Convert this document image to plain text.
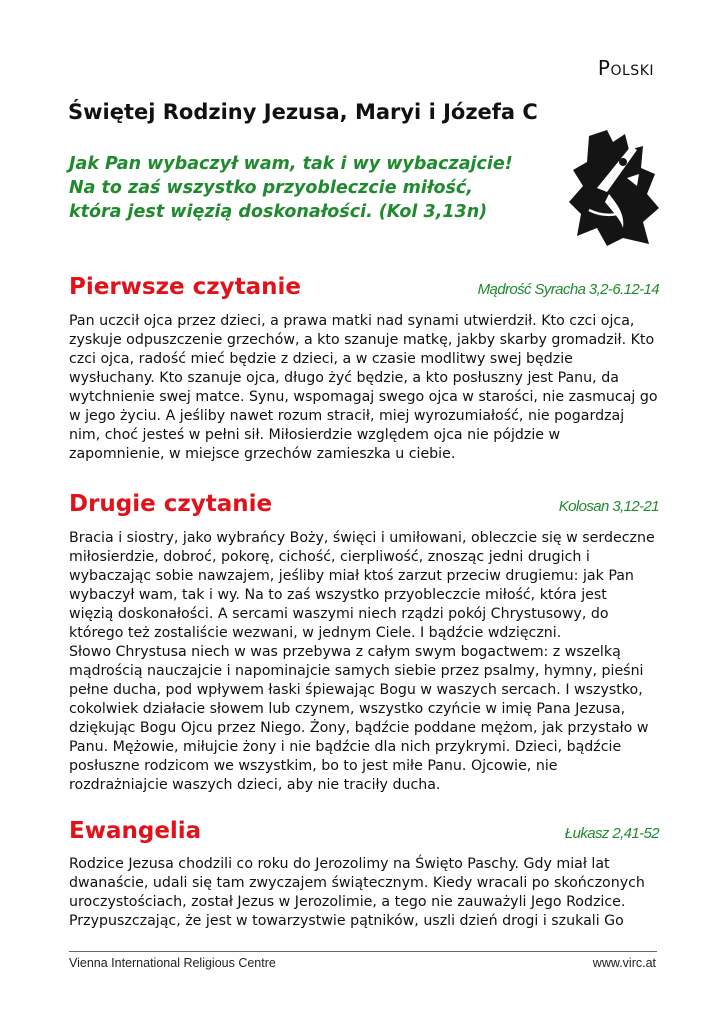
Polski
Świętej Rodziny Jezusa, Maryi i Józefa C
Jak Pan wybaczył wam, tak i wy wybaczajcie!
Na to zaś wszystko przyobleczcie miłość,
która jest więzią doskonałości. (Kol 3,13n)
Pierwsze czytanie	Mądrość Syracha 3,2-6.12-14
Pan uczcił ojca przez dzieci, a prawa matki nad synami utwierdził. Kto czci ojca,
zyskuje odpuszczenie grzechów, a kto szanuje matkę, jakby skarby gromadził. Kto
czci ojca, radość mieć będzie z dzieci, a w czasie modlitwy swej będzie
wysłuchany. Kto szanuje ojca, długo żyć będzie, a kto posłuszny jest Panu, da
wytchnienie swej matce. Synu, wspomagaj swego ojca w starości, nie zasmucaj go
w jego życiu. A jeśliby nawet rozum stracił, miej wyrozumiałość, nie pogardzaj
nim, choć jesteś w pełni sił. Miłosierdzie względem ojca nie pójdzie w
zapomnienie, w miejsce grzechów zamieszka u ciebie.
Drugie czytanie	Kolosan 3,12-21
Bracia i siostry, jako wybrańcy Boży, święci i umiłowani, obleczcie się w serdeczne
miłosierdzie, dobroć, pokorę, cichość, cierpliwość, znosząc jedni drugich i
wybaczając sobie nawzajem, jeśliby miał ktoś zarzut przeciw drugiemu: jak Pan
wybaczył wam, tak i wy. Na to zaś wszystko przyobleczcie miłość, która jest
więzią doskonałości. A sercami waszymi niech rządzi pokój Chrystusowy, do
którego też zostaliście wezwani, w jednym Ciele. I bądźcie wdzięczni.
Słowo Chrystusa niech w was przebywa z całym swym bogactwem: z wszelką
mądrością nauczajcie i napominajcie samych siebie przez psalmy, hymny, pieśni
pełne ducha, pod wpływem łaski śpiewając Bogu w waszych sercach. I wszystko,
cokolwiek działacie słowem lub czynem, wszystko czyńcie w imię Pana Jezusa,
dziękując Bogu Ojcu przez Niego. Żony, bądźcie poddane mężom, jak przystało w
Panu. Mężowie, miłujcie żony i nie bądźcie dla nich przykrymi. Dzieci, bądźcie
posłuszne rodzicom we wszystkim, bo to jest miłe Panu. Ojcowie, nie
rozdrażniajcie waszych dzieci, aby nie traciły ducha.
Ewangelia	Łukasz 2,41-52
Rodzice Jezusa chodzili co roku do Jerozolimy na Święto Paschy. Gdy miał lat
dwanaście, udali się tam zwyczajem świątecznym. Kiedy wracali po skończonych
uroczystościach, został Jezus w Jerozolimie, a tego nie zauważyli Jego Rodzice.
Przypuszczając, że jest w towarzystwie pątników, uszli dzień drogi i szukali Go
Vienna International Religious Centre	www.virc.at
